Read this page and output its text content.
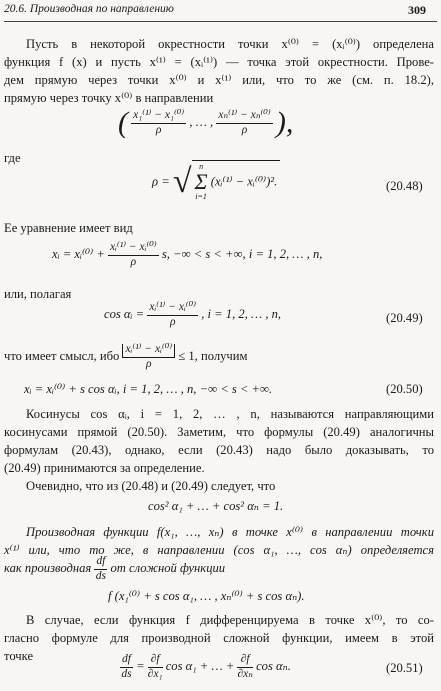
20.6. Производная по направлению	309
Пусть в некоторой окрестности точки x⁽⁰⁾ = (xᵢ⁽⁰⁾) определена
функция f (x) и пусть x⁽¹⁾ = (xᵢ⁽¹⁾) — точка этой окрестности. Прове-
дем прямую через точки x⁽⁰⁾ и x⁽¹⁾ или, что то же (см. п. 18.2),
прямую через точку x⁽⁰⁾ в направлении
( $\frac{\text{x₁⁽¹⁾ − x₁⁽⁰⁾}}{\rho}$ , … , $\frac{\text{xₙ⁽¹⁾ − xₙ⁽⁰⁾}}{\rho}$ ),
где
ρ = √ n
Σ
i=1
(xᵢ⁽¹⁾ − xᵢ⁽⁰⁾)².	(20.48)
Ее уравнение имеет вид
xᵢ = xᵢ⁽⁰⁾ + $\frac{\text{xᵢ⁽¹⁾ − xᵢ⁽⁰⁾}}{\rho} s$, −∞ < s < +∞, i = 1, 2, … , n,
или, полагая
cos αᵢ = $\frac{\text{xᵢ⁽¹⁾ − xᵢ⁽⁰⁾}}{\rho}$ , i = 1, 2, … , n,	(20.49)
что имеет смысл, ибо $\frac{\text{xᵢ⁽¹⁾ − xᵢ⁽⁰⁾}}{\rho} \le 1$, получим
xᵢ = xᵢ⁽⁰⁾ + s cos αᵢ, i = 1, 2, … , n, −∞ < s < +∞.	(20.50)
Косинусы cos αᵢ, i = 1, 2, … , n, называются направляющими
косинусами прямой (20.50). Заметим, что формулы (20.49) аналогичны
формулам (20.43), однако, если (20.43) надо было доказывать, то
(20.49) принимаются за определение.
Очевидно, что из (20.48) и (20.49) следует, что
cos² α₁ + … + cos² αₙ = 1.
Производная функции f(x₁, …, xₙ) в точке x⁽⁰⁾ в направлении точки
x⁽¹⁾ или, что то же, в направлении (cos α₁, …, cos αₙ) определяется
как производная $\frac{df}{ds}$ от сложной функции
f (x₁⁽⁰⁾ + s cos α₁, … , xₙ⁽⁰⁾ + s cos αₙ).
В случае, если функция f дифференцируема в точке x⁽⁰⁾, то со-
гласно формуле для производной сложной функции, имеем в этой
точке	$\frac{df}{ds} = \frac{\partial f}{\text{∂x₁}}$ cos α₁ + … + $\frac{\partial f}{\text{∂xₙ}}$ cos αₙ.	(20.51)
